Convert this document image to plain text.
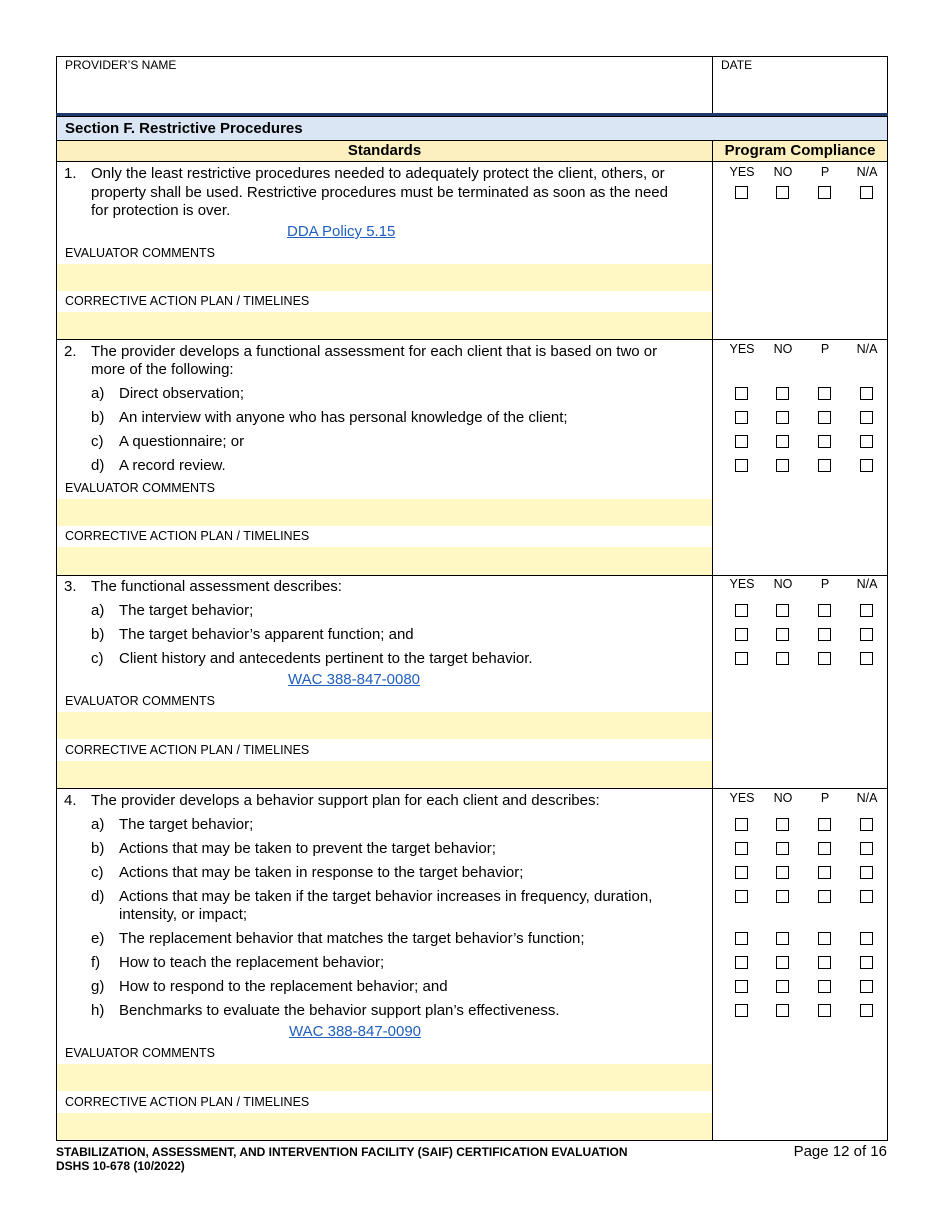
PROVIDER’S NAME	DATE
Section F. Restrictive Procedures
Standards	Program Compliance
1. Only the least restrictive procedures needed to adequately protect the client, others, or
property shall be used. Restrictive procedures must be terminated as soon as the need
for protection is over.
DDA Policy 5.15
EVALUATOR COMMENTS
CORRECTIVE ACTION PLAN / TIMELINES
YES	NO	P	N/A
2. The provider develops a functional assessment for each client that is based on two or
more of the following:
a) Direct observation;
b) An interview with anyone who has personal knowledge of the client;
c) A questionnaire; or
d) A record review.
EVALUATOR COMMENTS
CORRECTIVE ACTION PLAN / TIMELINES
YES	NO	P	N/A
3. The functional assessment describes:
a) The target behavior;
b) The target behavior’s apparent function; and
c) Client history and antecedents pertinent to the target behavior.
WAC 388-847-0080
EVALUATOR COMMENTS
CORRECTIVE ACTION PLAN / TIMELINES
YES	NO	P	N/A
4. The provider develops a behavior support plan for each client and describes:
a) The target behavior;
b) Actions that may be taken to prevent the target behavior;
c) Actions that may be taken in response to the target behavior;
d) Actions that may be taken if the target behavior increases in frequency, duration,
intensity, or impact;
e) The replacement behavior that matches the target behavior’s function;
f) How to teach the replacement behavior;
g) How to respond to the replacement behavior; and
h) Benchmarks to evaluate the behavior support plan’s effectiveness.
WAC 388-847-0090
EVALUATOR COMMENTS
CORRECTIVE ACTION PLAN / TIMELINES
YES	NO	P	N/A
STABILIZATION, ASSESSMENT, AND INTERVENTION FACILITY (SAIF) CERTIFICATION EVALUATION
DSHS 10-678 (10/2022)
Page 12 of 16
